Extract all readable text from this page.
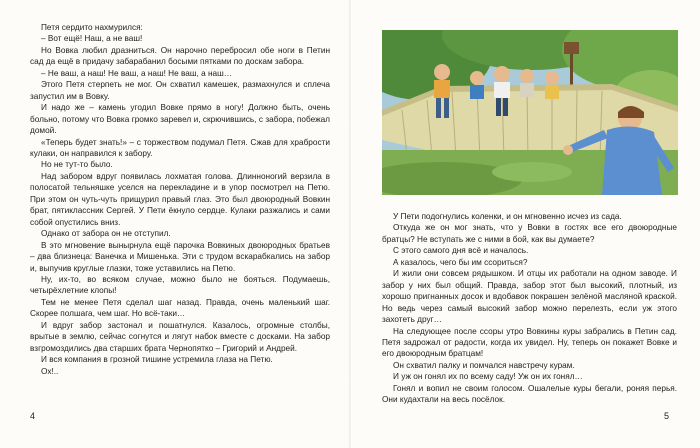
Петя сердито нахмурился:

– Вот ещё! Наш, а не ваш!

Но Вовка любил дразниться. Он нарочно перебросил обе ноги в Петин сад да ещё в придачу забарабанил босыми пятками по доскам забора.

– Не ваш, а наш! Не ваш, а наш! Не ваш, а наш…

Этого Петя стерпеть не мог. Он схватил камешек, размахнулся и сплеча запустил им в Вовку.

И надо же – камень угодил Вовке прямо в ногу! Должно быть, очень больно, потому что Вовка громко заревел и, скрючившись, с забора, побежал домой.

«Теперь будет знать!» – с торжеством подумал Петя. Сжав для храбрости кулаки, он направился к забору.

Но не тут-то было.

Над забором вдруг появилась лохматая голова. Длинноногий верзила в полосатой тельняшке уселся на перекладине и в упор посмотрел на Петю. При этом он чуть-чуть прищурил правый глаз. Это был двоюродный Вовкин брат, пятиклассник Сергей. У Пети ёкнуло сердце. Кулаки разжались и сами собой опустились вниз.

Однако от забора он не отступил.

В это мгновение вынырнула ещё парочка Вовкиных двоюродных братьев – два близнеца: Ванечка и Мишенька. Эти с трудом вскарабкались на забор и, выпучив круглые глазки, тоже уставились на Петю.

Ну, их-то, во всяком случае, можно было не бояться. Подумаешь, четырёхлетние клопы!

Тем не менее Петя сделал шаг назад. Правда, очень маленький шаг. Скорее полшага, чем шаг. Но всё-таки…

И вдруг забор застонал и пошатнулся. Казалось, огромные столбы, врытые в землю, сейчас согнутся и лягут набок вместе с досками. На забор взгромоздились два старших брата Чернопятко – Григорий и Андрей.

И вся компания в грозной тишине устремила глаза на Петю.

Ох!..

4

У Пети подогнулись коленки, и он мгновенно исчез из сада.

Откуда же он мог знать, что у Вовки в гостях все его двоюродные братцы? Не вступать же с ними в бой, как вы думаете?

С этого самого дня всё и началось.

А казалось, чего бы им ссориться?

И жили они совсем рядышком. И отцы их работали на одном заводе. И забор у них был общий. Правда, забор этот был высокий, плотный, из хорошо пригнанных досок и вдобавок покрашен зелёной масляной краской. Но ведь через самый высокий забор можно перелезть, если уж этого захотеть друг…

На следующее после ссоры утро Вовкины куры забрались в Петин сад. Петя задрожал от радости, когда их увидел. Ну, теперь он покажет Вовке и его двоюродным братцам!

Он схватил палку и помчался навстречу курам.

И уж он гонял их по всему саду! Уж он их гонял…

Гонял и вопил не своим голосом. Ошалелые куры бегали, роняя перья. Они кудахтали на весь посёлок.

5
